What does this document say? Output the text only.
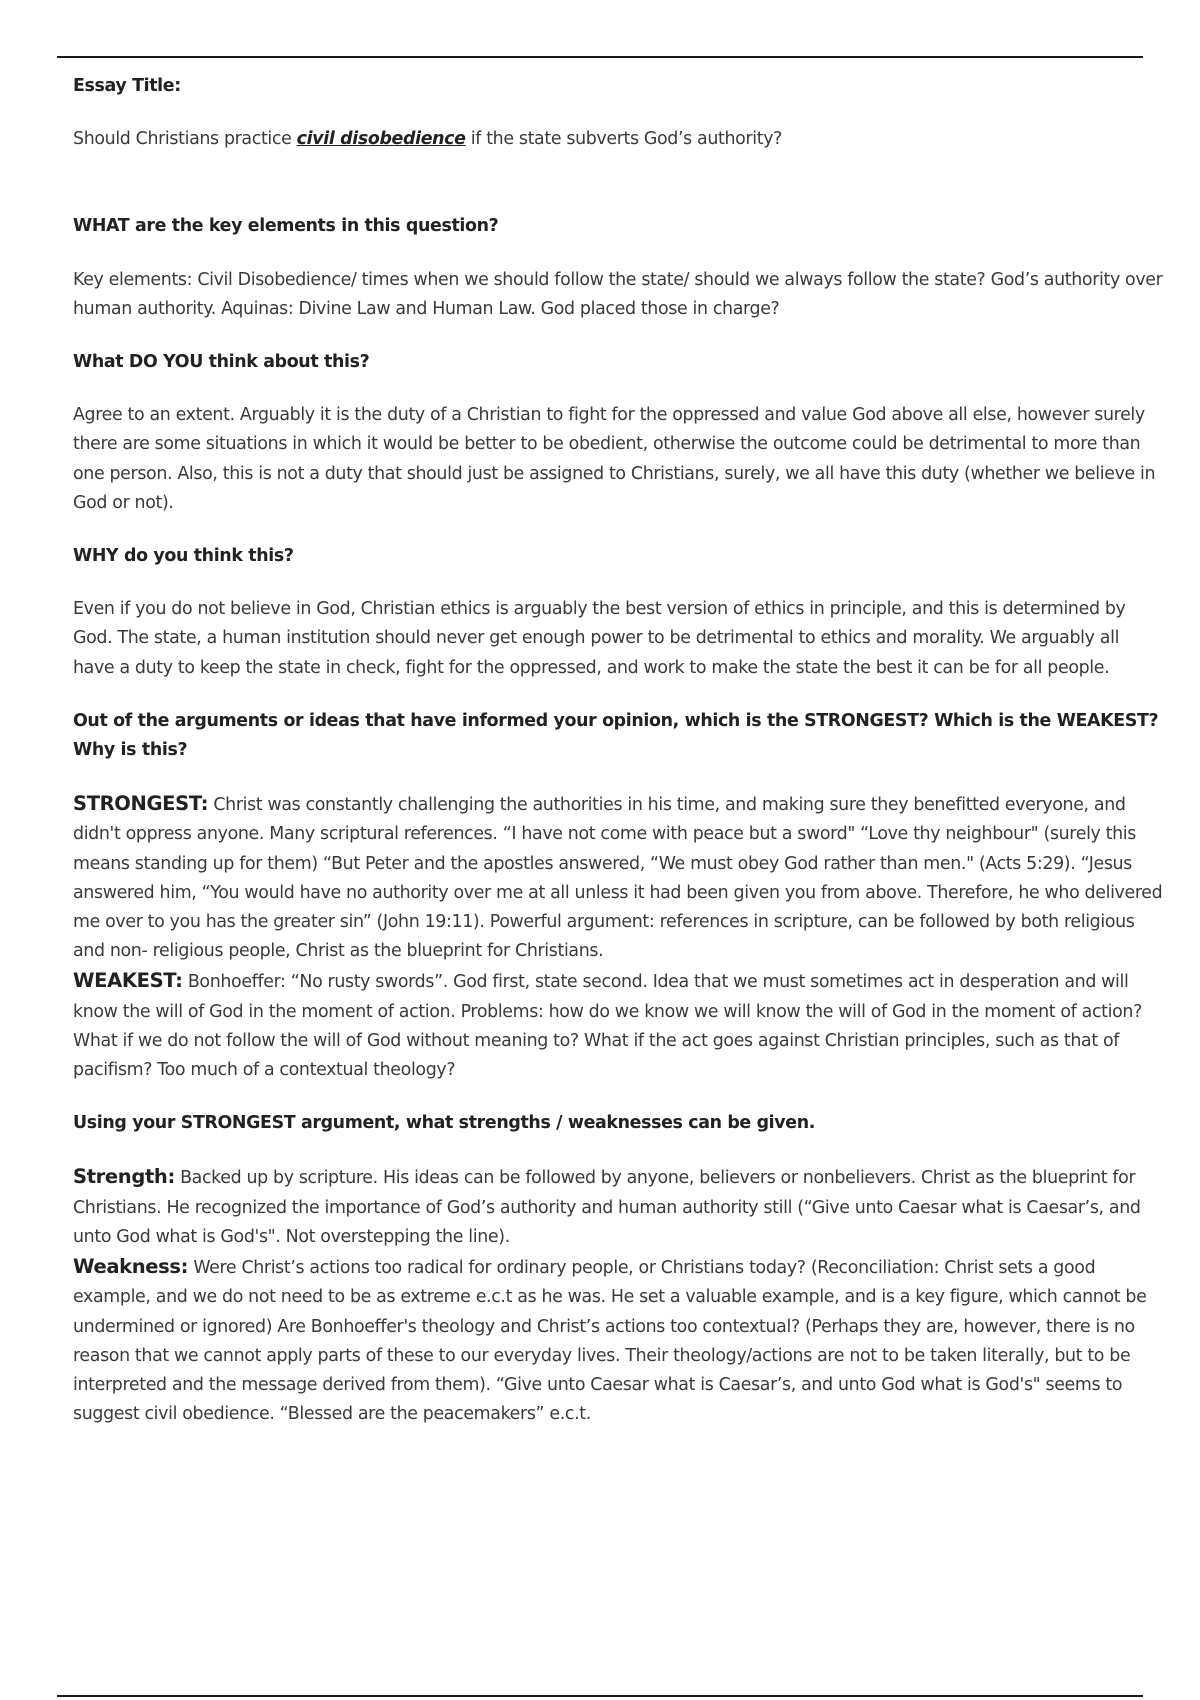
Essay Title:

Should Christians practice civil disobedience if the state subverts God’s authority?

WHAT are the key elements in this question?

Key elements: Civil Disobedience/ times when we should follow the state/ should we always follow the state? God’s authority over human authority. Aquinas: Divine Law and Human Law. God placed those in charge?

What DO YOU think about this?

Agree to an extent. Arguably it is the duty of a Christian to fight for the oppressed and value God above all else, however surely there are some situations in which it would be better to be obedient, otherwise the outcome could be detrimental to more than one person. Also, this is not a duty that should just be assigned to Christians, surely, we all have this duty (whether we believe in God or not).

WHY do you think this?

Even if you do not believe in God, Christian ethics is arguably the best version of ethics in principle, and this is determined by God. The state, a human institution should never get enough power to be detrimental to ethics and morality. We arguably all have a duty to keep the state in check, fight for the oppressed, and work to make the state the best it can be for all people.

Out of the arguments or ideas that have informed your opinion, which is the STRONGEST? Which is the WEAKEST? Why is this?

STRONGEST: Christ was constantly challenging the authorities in his time, and making sure they benefitted everyone, and didn't oppress anyone. Many scriptural references. “I have not come with peace but a sword" “Love thy neighbour" (surely this means standing up for them) “But Peter and the apostles answered, “We must obey God rather than men." (Acts 5:29). “Jesus answered him, “You would have no authority over me at all unless it had been given you from above. Therefore, he who delivered me over to you has the greater sin” (John 19:11). Powerful argument: references in scripture, can be followed by both religious and non- religious people, Christ as the blueprint for Christians.

WEAKEST: Bonhoeffer: “No rusty swords”. God first, state second. Idea that we must sometimes act in desperation and will know the will of God in the moment of action. Problems: how do we know we will know the will of God in the moment of action? What if we do not follow the will of God without meaning to? What if the act goes against Christian principles, such as that of pacifism? Too much of a contextual theology?

Using your STRONGEST argument, what strengths / weaknesses can be given.

Strength: Backed up by scripture. His ideas can be followed by anyone, believers or nonbelievers. Christ as the blueprint for Christians. He recognized the importance of God’s authority and human authority still (“Give unto Caesar what is Caesar’s, and unto God what is God's". Not overstepping the line).

Weakness: Were Christ’s actions too radical for ordinary people, or Christians today? (Reconciliation: Christ sets a good example, and we do not need to be as extreme e.c.t as he was. He set a valuable example, and is a key figure, which cannot be undermined or ignored) Are Bonhoeffer's theology and Christ’s actions too contextual? (Perhaps they are, however, there is no reason that we cannot apply parts of these to our everyday lives. Their theology/actions are not to be taken literally, but to be interpreted and the message derived from them). “Give unto Caesar what is Caesar’s, and unto God what is God's" seems to suggest civil obedience. “Blessed are the peacemakers” e.c.t.
